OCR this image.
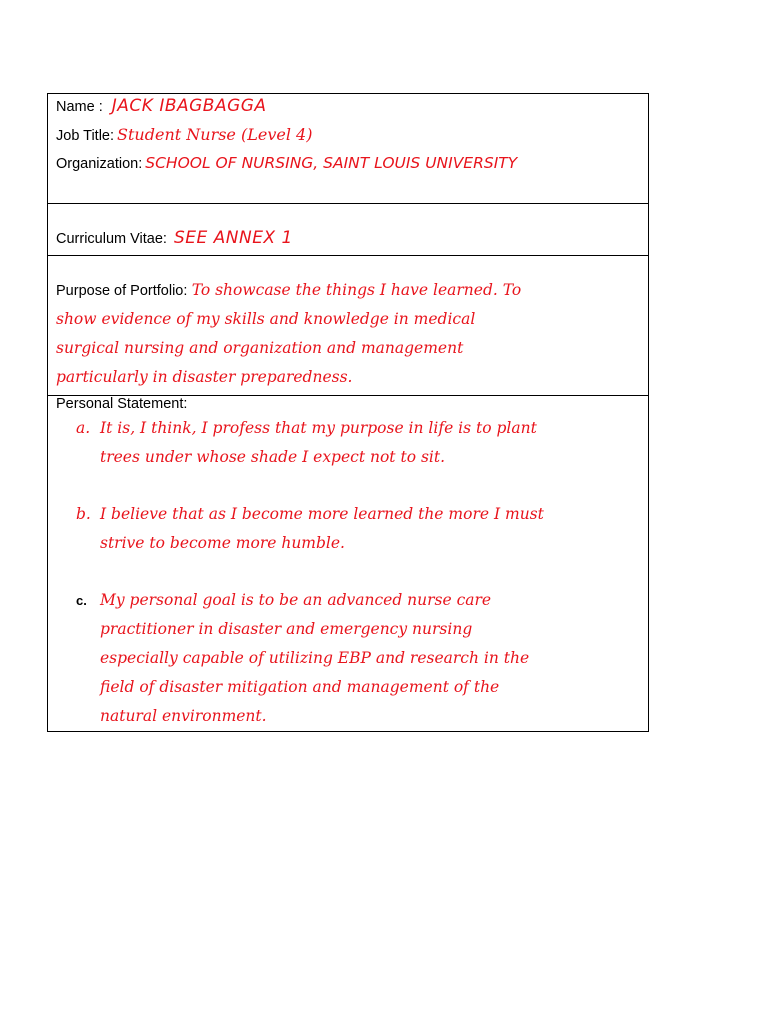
Name : JACK IBAGBAGGA
Job Title: Student Nurse (Level 4)
Organization: SCHOOL OF NURSING, SAINT LOUIS UNIVERSITY
Curriculum Vitae: SEE ANNEX 1
Purpose of Portfolio: To showcase the things I have learned. To
show evidence of my skills and knowledge in medical
surgical nursing and organization and management
particularly in disaster preparedness.
Personal Statement:
a. It is, I think, I profess that my purpose in life is to plant
trees under whose shade I expect not to sit.
b. I believe that as I become more learned the more I must
strive to become more humble.
c. My personal goal is to be an advanced nurse care
practitioner in disaster and emergency nursing
especially capable of utilizing EBP and research in the
field of disaster mitigation and management of the
natural environment.
